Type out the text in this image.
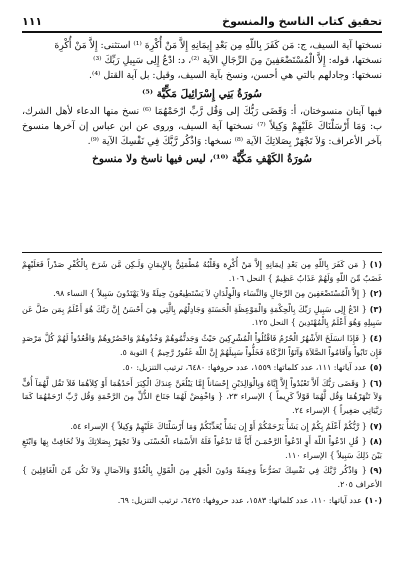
تحقيق كتاب الناسخ والمنسوخ
١١١

نسختها آية السيف، ج: مَن كَفَرَ بِاللّهِ مِن بَعْدِ إِيمَانِهِ إِلاَّ مَنْ أُكْرِهَ ⁽¹⁾ استثنى: إِلاَّ مَنْ أُكْرِهَ

نسختها، قوله: إِلاَّ الْمُسْتَضْعَفِينَ مِنَ الرِّجَالِ الآية ⁽²⁾، د: ادْعُ إِلِى سَبِيلِ رَبِّكَ ⁽³⁾

نسختها: وجادلهم بالتي هي أحسن، ونسخ بآية السيف، وقيل: بل آية القتل ⁽⁴⁾.

سُورَةُ بَنِي إِسْرَائِيلَ مَكِّيَّة ⁽⁵⁾

فيها آيتان منسوختان، أ: وَقَضَى رَبُّكَ إلى وَقُل رَّبِّ ارْحَمْهُمَا ⁽⁶⁾ نسخ منها الدعاء لأهل الشرك، ب: وَمَا أَرْسَلْنَاكَ عَلَيْهِمْ وَكِيلاً ⁽⁷⁾ نسختها آية السيف، وروى عن ابن عباس إن آخرها منسوخ بآخر الأعراف: وَلاَ تَجْهَرْ بِصَلاتِكَ الآية ⁽⁸⁾ نسخها: وَاذْكُر رَّبَّكَ فِي نَفْسِكَ الآية ⁽⁹⁾.

سُورَةُ الكَهْفِ مَكِّيَّة ⁽¹⁰⁾، ليس فيها ناسخ ولا منسوخ

(١){ مَن كَفَرَ بِاللّهِ مِن بَعْدِ إيمَانِهِ إِلاَّ مَنْ أُكْرِهَ وَقَلْبُهُ مُطْمَئِنٌّ بِالإِيمَانِ وَلَـكِن مَّن شَرَحَ بِالْكُفْرِ صَدْراً فَعَلَيْهِمْ غَضَبٌ مِّنَ اللّهِ وَلَهُمْ عَذَابٌ عَظِيمٌ } النحل ١٠٦.

(٢){ إِلاَّ الْمُسْتَضْعَفِينَ مِنَ الرِّجَالِ وَالنِّسَاء وَالْوِلْدَانِ لاَ يَسْتَطِيعُونَ حِيلَةً وَلاَ يَهْتَدُونَ سَبِيلاً } النساء ٩٨.

(٣){ ادْعُ إِلِى سَبِيلِ رَبِّكَ بِالْحِكْمَةِ وَالْمَوْعِظَةِ الْحَسَنَةِ وَجَادِلْهُم بِالَّتِي هِيَ أَحْسَنُ إِنَّ رَبَّكَ هُوَ أَعْلَمُ بِمَن ضَلَّ عَن سَبِيلِهِ وَهُوَ أَعْلَمُ بِالْمُهْتَدِينَ } النحل ١٢٥.

(٤){ فَإِذَا انسَلَخَ الأَشْهُرُ الْحُرُمُ فَاقْتُلُواْ الْمُشْرِكِينَ حَيْثُ وَجَدتُّمُوهُمْ وَخُذُوهُمْ وَاحْصُرُوهُمْ وَاقْعُدُواْ لَهُمْ كُلَّ مَرْصَدٍ فَإِن تَابُواْ وَأَقَامُواْ الصَّلاَةَ وَآتَوُاْ الزَّكَاةَ فَخَلُّواْ سَبِيلَهُمْ إِنَّ اللّهَ غَفُورٌ رَّحِيمٌ } التوبة ٥.

(٥)عدد آياتها: ١١١، عدد كلماتها: ١٥٥٩، عدد حروفها: ٦٤٨٠، ترتيب التنزيل: ٥٠.

(٦){ وَقَضَى رَبُّكَ أَلاَّ تَعْبُدُواْ إِلاَّ إِيَّاهُ وَبِالْوَالِدَيْنِ إِحْسَاناً إِمَّا يَبْلُغَنَّ عِندَكَ الْكِبَرَ أَحَدُهُمَا أَوْ كِلاَهُمَا فَلاَ تَقُل لَّهُمَآ أُفٍّ وَلاَ تَنْهَرْهُمَا وَقُل لَّهُمَا قَوْلاً كَرِيماً } الإسراء ٢٣، { وَاخْفِضْ لَهُمَا جَنَاحَ الذُّلِّ مِنَ الرَّحْمَةِ وَقُل رَّبِّ ارْحَمْهُمَا كَمَا رَبَّيَانِي صَغِيراً } الإسراء ٢٤.

(٧){ رَّبُّكُمْ أَعْلَمُ بِكُمْ إِن يَشَأْ يَرْحَمْكُمْ أَوْ إِن يَشَأْ يُعَذِّبْكُمْ وَمَا أَرْسَلْنَاكَ عَلَيْهِمْ وَكِيلاً } الإسراء ٥٤.

(٨){ قُلِ ادْعُواْ اللّهَ أَوِ ادْعُواْ الرَّحْمَـنَ أَيّاً مَّا تَدْعُواْ فَلَهُ الأَسْمَاء الْحُسْنَى وَلاَ تَجْهَرْ بِصَلاتِكَ وَلاَ تُخَافِتْ بِهَا وَابْتَغِ بَيْنَ ذَلِكَ سَبِيلاً } الإسراء ١١٠.

(٩){ وَاذْكُر رَّبَّكَ فِي نَفْسِكَ تَضَرُّعاً وَخِيفَةً وَدُونَ الْجَهْرِ مِنَ الْقَوْلِ بِالْغُدُوِّ وَالآصَالِ وَلاَ تَكُن مِّنَ الْغَافِلِينَ } الأعراف ٢٠٥.

(١٠)عدد آياتها: ١١٠، عدد كلماتها: ١٥٨٣، عدد حروفها: ٦٤٢٥، ترتيب التنزيل: ٦٩.
